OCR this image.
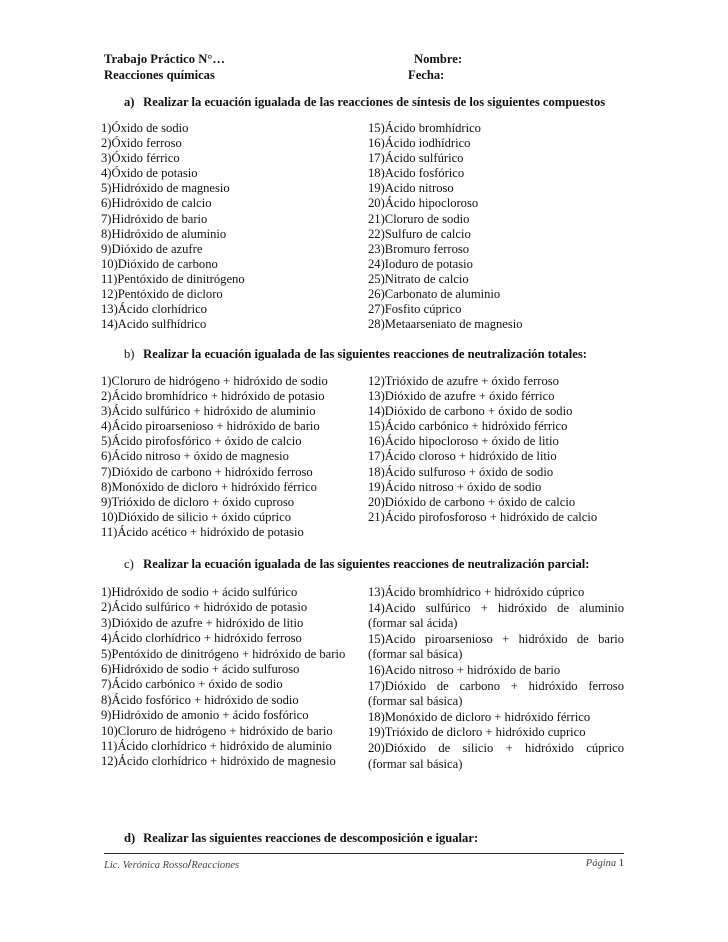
Trabajo Práctico N°…
Reacciones químicas
Nombre:
Fecha:
a) Realizar la ecuación igualada de las reacciones de síntesis de los siguientes compuestos
1)Óxido de sodio
2)Óxido ferroso
3)Óxido férrico
4)Óxido de potasio
5)Hidróxido de magnesio
6)Hidróxido de calcio
7)Hidróxido de bario
8)Hidróxido de aluminio
9)Dióxido de azufre
10)Dióxido de carbono
11)Pentóxido de dinitrógeno
12)Pentóxido de dicloro
13)Ácido clorhídrico
14)Acido sulfhídrico
15)Ácido bromhídrico
16)Ácido iodhídrico
17)Ácido sulfúrico
18)Acido fosfórico
19)Acido nitroso
20)Ácido hipocloroso
21)Cloruro de sodio
22)Sulfuro de calcio
23)Bromuro ferroso
24)Ioduro de potasio
25)Nitrato de calcio
26)Carbonato de aluminio
27)Fosfito cúprico
28)Metaarseniato de magnesio
b) Realizar la ecuación igualada de las siguientes reacciones de neutralización totales:
1)Cloruro de hidrógeno + hidróxido de sodio
2)Ácido bromhídrico + hidróxido de potasio
3)Ácido sulfúrico + hidróxido de aluminio
4)Ácido piroarsenioso + hidróxido de bario
5)Ácido pirofosfórico + óxido de calcio
6)Ácido nitroso + óxido de magnesio
7)Dióxido de carbono + hidróxido ferroso
8)Monóxido de dicloro + hidróxido férrico
9)Trióxido de dicloro + óxido cuproso
10)Dióxido de silicio + óxido cúprico
11)Ácido acético + hidróxido de potasio
12)Trióxido de azufre + óxido ferroso
13)Dióxido de azufre + óxido férrico
14)Dióxido de carbono + óxido de sodio
15)Ácido carbónico + hidróxido férrico
16)Ácido hipocloroso + óxido de litio
17)Ácido cloroso + hidróxido de litio
18)Ácido sulfuroso + óxido de sodio
19)Ácido nitroso + óxido de sodio
20)Dióxido de carbono + óxido de calcio
21)Ácido pirofosforoso + hidróxido de calcio
c) Realizar la ecuación igualada de las siguientes reacciones de neutralización parcial:
1)Hidróxido de sodio + ácido sulfúrico
2)Ácido sulfúrico + hidróxido de potasio
3)Dióxido de azufre + hidróxido de litio
4)Ácido clorhídrico + hidróxido ferroso
5)Pentóxido de dinitrógeno + hidróxido de bario
6)Hidróxido de sodio + ácido sulfuroso
7)Ácido carbónico + óxido de sodio
8)Ácido fosfórico + hidróxido de sodio
9)Hidróxido de amonio + ácido fosfórico
10)Cloruro de hidrógeno + hidróxido de bario
11)Ácido clorhídrico + hidróxido de aluminio
12)Ácido clorhídrico + hidróxido de magnesio
13)Ácido bromhídrico + hidróxido cúprico
14)Acido sulfúrico + hidróxido de aluminio
(formar sal ácida)
15)Acido piroarsenioso + hidróxido de bario
(formar sal básica)
16)Acido nitroso + hidróxido de bario
17)Dióxido de carbono + hidróxido ferroso
(formar sal básica)
18)Monóxido de dicloro + hidróxido férrico
19)Trióxido de dicloro + hidróxido cuprico
20)Dióxido de silicio + hidróxido cúprico
(formar sal básica)
d) Realizar las siguientes reacciones de descomposición e igualar:
Lic. Verónica Rosso/Reacciones	Página 1
